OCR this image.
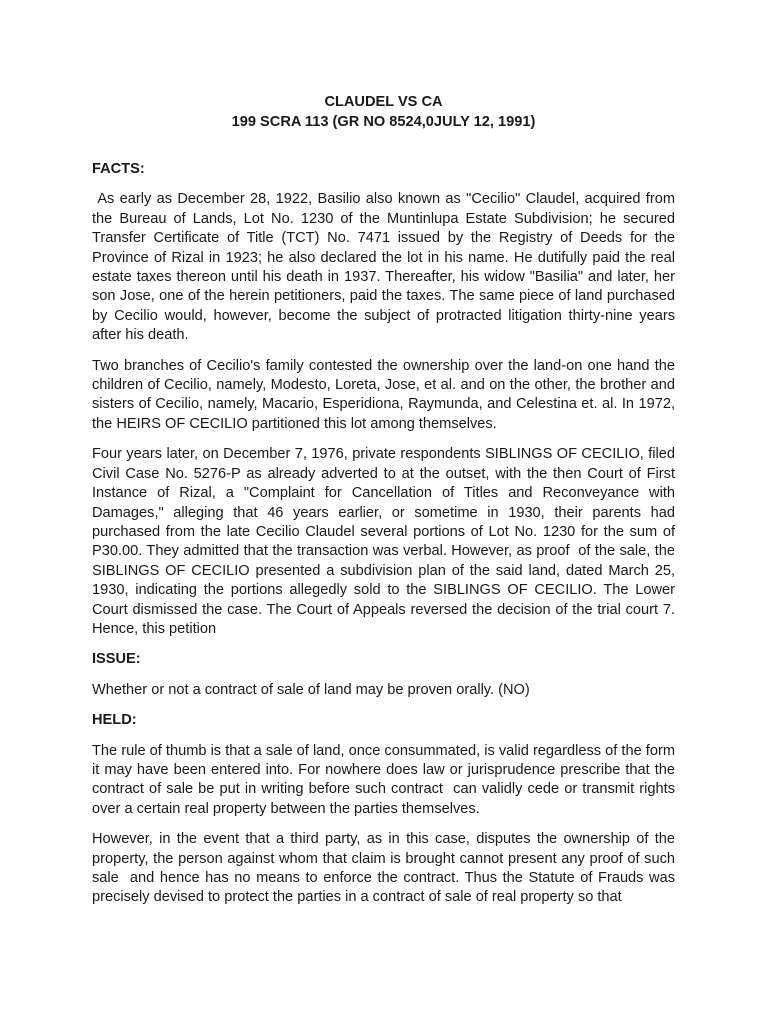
CLAUDEL VS CA
199 SCRA 113 (GR NO 8524,0JULY 12, 1991)
FACTS:

As early as December 28, 1922, Basilio also known as "Cecilio" Claudel, acquired from the Bureau of Lands, Lot No. 1230 of the Muntinlupa Estate Subdivision; he secured Transfer Certificate of Title (TCT) No. 7471 issued by the Registry of Deeds for the Province of Rizal in 1923; he also declared the lot in his name. He dutifully paid the real estate taxes thereon until his death in 1937. Thereafter, his widow "Basilia" and later, her son Jose, one of the herein petitioners, paid the taxes. The same piece of land purchased by Cecilio would, however, become the subject of protracted litigation thirty-nine years after his death.

Two branches of Cecilio's family contested the ownership over the land-on one hand the children of Cecilio, namely, Modesto, Loreta, Jose, et al. and on the other, the brother and sisters of Cecilio, namely, Macario, Esperidiona, Raymunda, and Celestina et. al. In 1972, the HEIRS OF CECILIO partitioned this lot among themselves.

Four years later, on December 7, 1976, private respondents SIBLINGS OF CECILIO, filed Civil Case No. 5276-P as already adverted to at the outset, with the then Court of First Instance of Rizal, a "Complaint for Cancellation of Titles and Reconveyance with Damages," alleging that 46 years earlier, or sometime in 1930, their parents had purchased from the late Cecilio Claudel several portions of Lot No. 1230 for the sum of P30.00. They admitted that the transaction was verbal. However, as proof  of the sale, the SIBLINGS OF CECILIO presented a subdivision plan of the said land, dated March 25, 1930, indicating the portions allegedly sold to the SIBLINGS OF CECILIO. The Lower Court dismissed the case. The Court of Appeals reversed the decision of the trial court 7. Hence, this petition

ISSUE:

Whether or not a contract of sale of land may be proven orally. (NO)

HELD:

The rule of thumb is that a sale of land, once consummated, is valid regardless of the form it may have been entered into. For nowhere does law or jurisprudence prescribe that the contract of sale be put in writing before such contract  can validly cede or transmit rights over a certain real property between the parties themselves.

However, in the event that a third party, as in this case, disputes the ownership of the property, the person against whom that claim is brought cannot present any proof of such sale  and hence has no means to enforce the contract. Thus the Statute of Frauds was precisely devised to protect the parties in a contract of sale of real property so that
